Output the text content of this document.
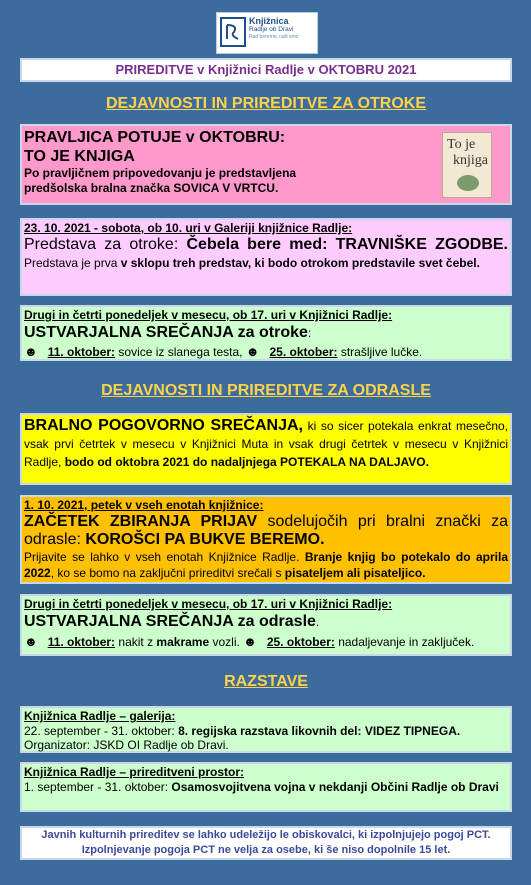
Knjižnica
Radlje ob Dravi
Rad beremo, radi smo
PRIREDITVE v Knjižnici Radlje v OKTOBRU 2021
DEJAVNOSTI IN PRIREDITVE ZA OTROKE
PRAVLJICA POTUJE v OKTOBRU:
TO JE KNJIGA
Po pravljičnem pripovedovanju je predstavljena
predšolska bralna značka SOVICA V VRTCU.
To je
knjiga
23. 10. 2021 - sobota, ob 10. uri v Galeriji knjižnice Radlje:
Predstava za otroke: Čebela bere med: TRAVNIŠKE ZGODBE. Predstava je prva v sklopu treh predstav, ki bodo otrokom predstavile svet čebel.
Drugi in četrti ponedeljek v mesecu, ob 17. uri v Knjižnici Radlje:
USTVARJALNA SREČANJA za otroke:
☻ 11. oktober: sovice iz slanega testa, ☻ 25. oktober: strašljive lučke.
DEJAVNOSTI IN PRIREDITVE ZA ODRASLE
BRALNO POGOVORNO SREČANJA, ki so sicer potekala enkrat mesečno, vsak prvi četrtek v mesecu v Knjižnici Muta in vsak drugi četrtek v mesecu v Knjižnici Radlje, bodo od oktobra 2021 do nadaljnjega POTEKALA NA DALJAVO.
1. 10. 2021, petek v vseh enotah knjižnice:
ZAČETEK ZBIRANJA PRIJAV sodelujočih pri bralni znački za odrasle: KOROŠCI PA BUKVE BEREMO.
Prijavite se lahko v vseh enotah Knjižnice Radlje. Branje knjig bo potekalo do aprila 2022, ko se bomo na zaključni prireditvi srečali s pisateljem ali pisateljico.
Drugi in četrti ponedeljek v mesecu, ob 17. uri v Knjižnici Radlje:
USTVARJALNA SREČANJA za odrasle.
☻ 11. oktober: nakit z makrame vozli. ☻ 25. oktober: nadaljevanje in zaključek.
RAZSTAVE
Knjižnica Radlje – galerija:
22. september - 31. oktober: 8. regijska razstava likovnih del: VIDEZ TIPNEGA.
Organizator: JSKD OI Radlje ob Dravi.
Knjižnica Radlje – prireditveni prostor:
1. september - 31. oktober: Osamosvojitvena vojna v nekdanji Občini Radlje ob Dravi
Javnih kulturnih prireditev se lahko udeležijo le obiskovalci, ki izpolnjujejo pogoj PCT.
Izpolnjevanje pogoja PCT ne velja za osebe, ki še niso dopolnile 15 let.
